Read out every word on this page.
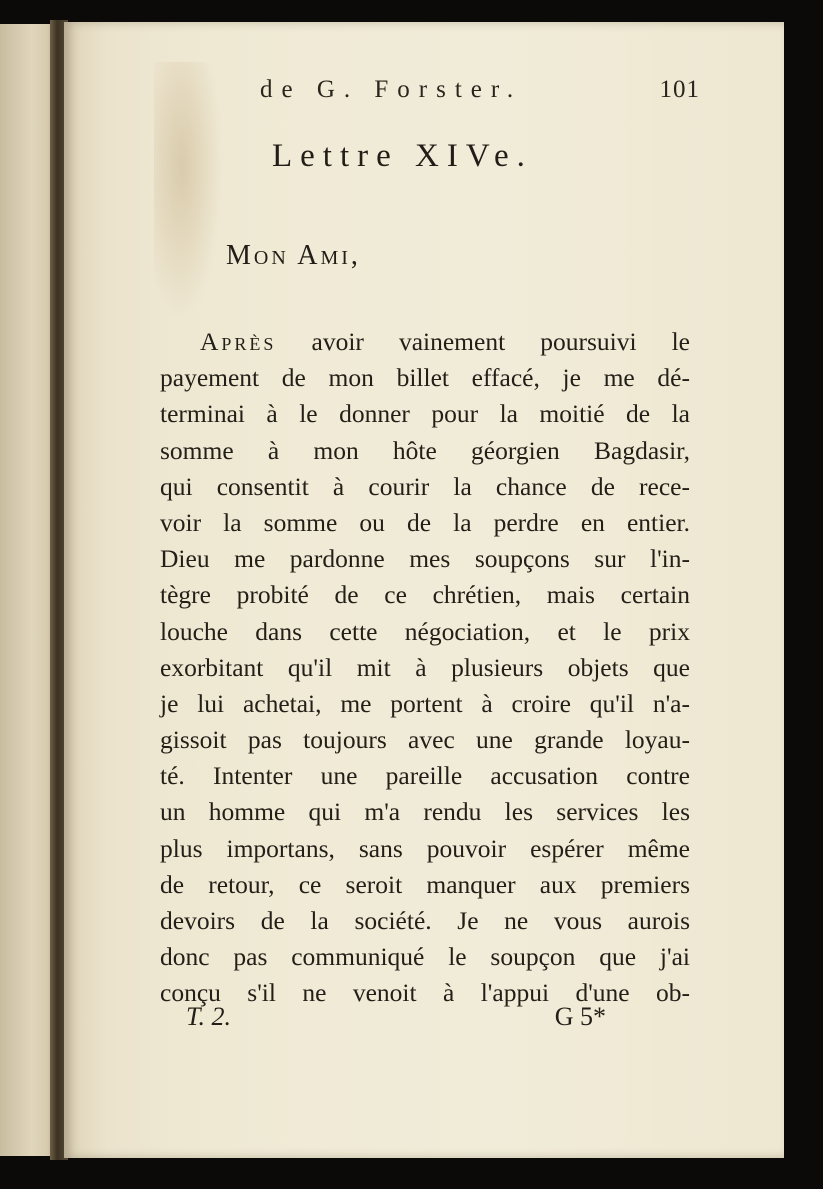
de G. Forster.	101
Lettre XIVe.
Mon Ami,
Après avoir vainement poursuivi le
payement de mon billet effacé, je me dé-
terminai à le donner pour la moitié de la
somme à mon hôte géorgien Bagdasir,
qui consentit à courir la chance de rece-
voir la somme ou de la perdre en entier.
Dieu me pardonne mes soupçons sur l'in-
tègre probité de ce chrétien, mais certain
louche dans cette négociation, et le prix
exorbitant qu'il mit à plusieurs objets que
je lui achetai, me portent à croire qu'il n'a-
gissoit pas toujours avec une grande loyau-
té. Intenter une pareille accusation contre
un homme qui m'a rendu les services les
plus importans, sans pouvoir espérer même
de retour, ce seroit manquer aux premiers
devoirs de la société. Je ne vous aurois
donc pas communiqué le soupçon que j'ai
conçu s'il ne venoit à l'appui d'une ob-
T. 2.	G 5*
